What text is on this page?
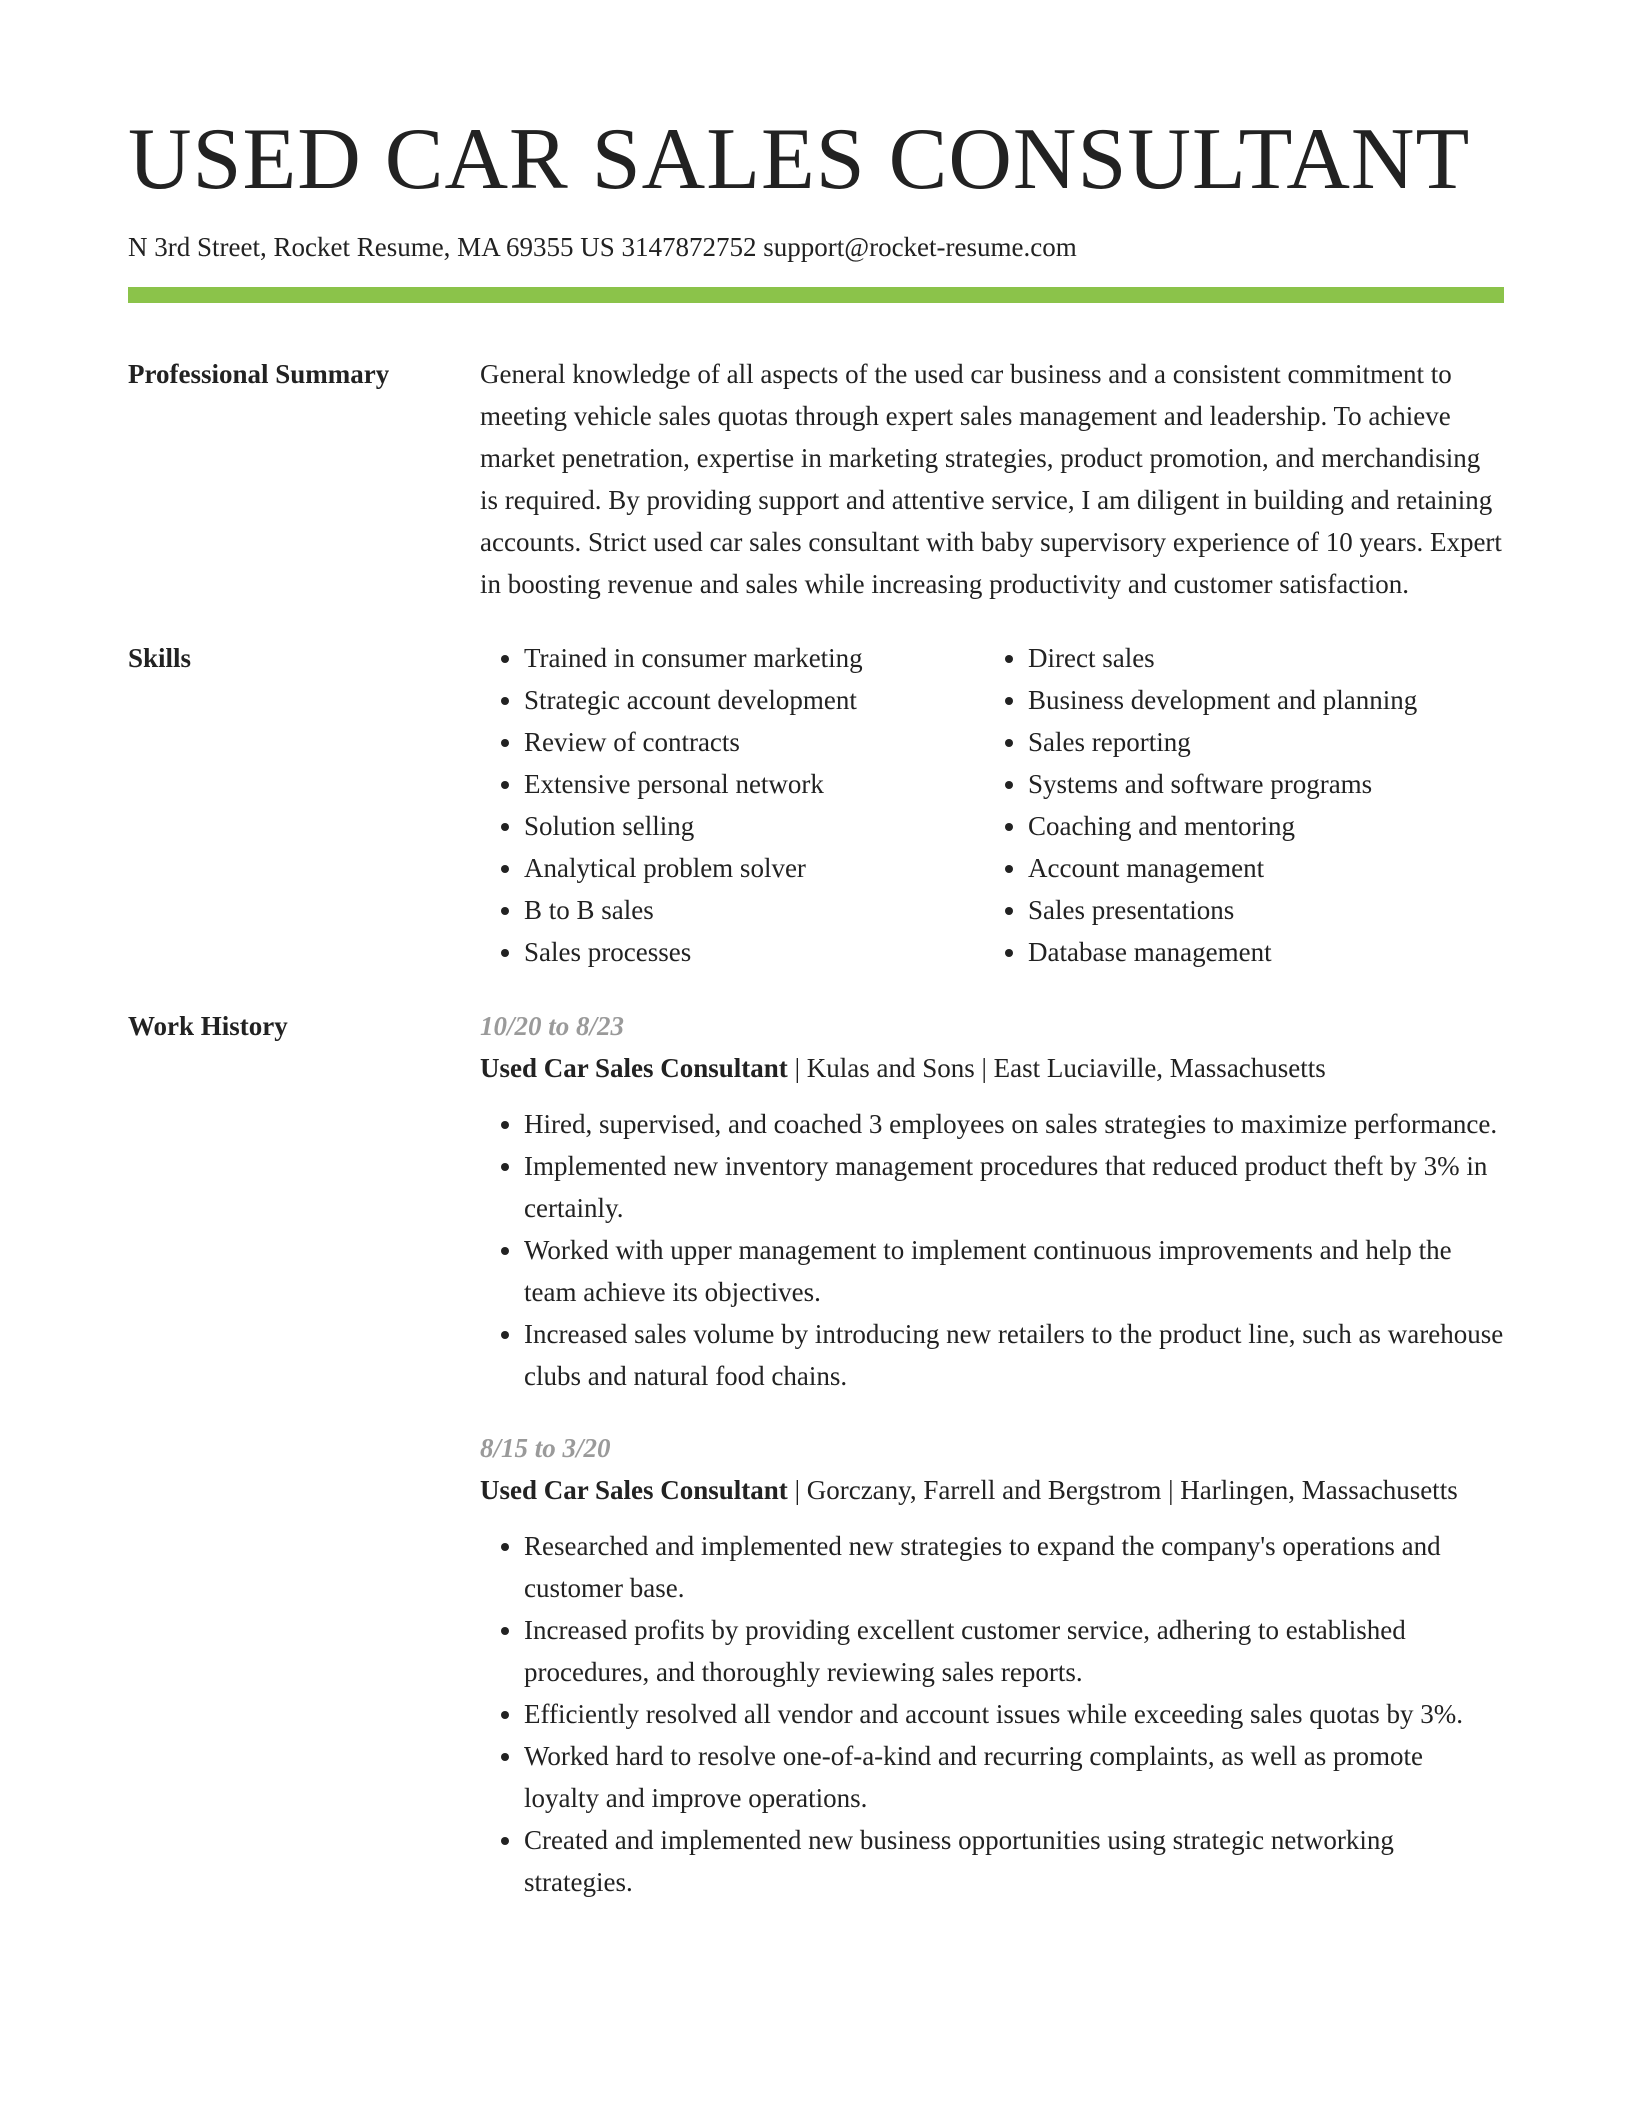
USED CAR SALES CONSULTANT
N 3rd Street, Rocket Resume, MA 69355 US 3147872752 support@rocket-resume.com
Professional Summary	General knowledge of all aspects of the used car business and a consistent commitment to meeting vehicle sales quotas through expert sales management and leadership. To achieve market penetration, expertise in marketing strategies, product promotion, and merchandising is required. By providing support and attentive service, I am diligent in building and retaining accounts. Strict used car sales consultant with baby supervisory experience of 10 years. Expert in boosting revenue and sales while increasing productivity and customer satisfaction.
Skills
•	Trained in consumer marketing
• Strategic account development
• Review of contracts
• Extensive personal network
• Solution selling
• Analytical problem solver
• B to B sales
• Sales processes
• Direct sales
• Business development and planning
• Sales reporting
• Systems and software programs
• Coaching and mentoring
• Account management
• Sales presentations
• Database management
Work History	10/20 to 8/23
Used Car Sales Consultant | Kulas and Sons | East Luciaville, Massachusetts
• Hired, supervised, and coached 3 employees on sales strategies to maximize performance.
• Implemented new inventory management procedures that reduced product theft by 3% in certainly.
• Worked with upper management to implement continuous improvements and help the team achieve its objectives.
• Increased sales volume by introducing new retailers to the product line, such as warehouse clubs and natural food chains.
8/15 to 3/20
Used Car Sales Consultant | Gorczany, Farrell and Bergstrom | Harlingen, Massachusetts
• Researched and implemented new strategies to expand the company's operations and customer base.
• Increased profits by providing excellent customer service, adhering to established procedures, and thoroughly reviewing sales reports.
• Efficiently resolved all vendor and account issues while exceeding sales quotas by 3%.
• Worked hard to resolve one-of-a-kind and recurring complaints, as well as promote loyalty and improve operations.
• Created and implemented new business opportunities using strategic networking strategies.
